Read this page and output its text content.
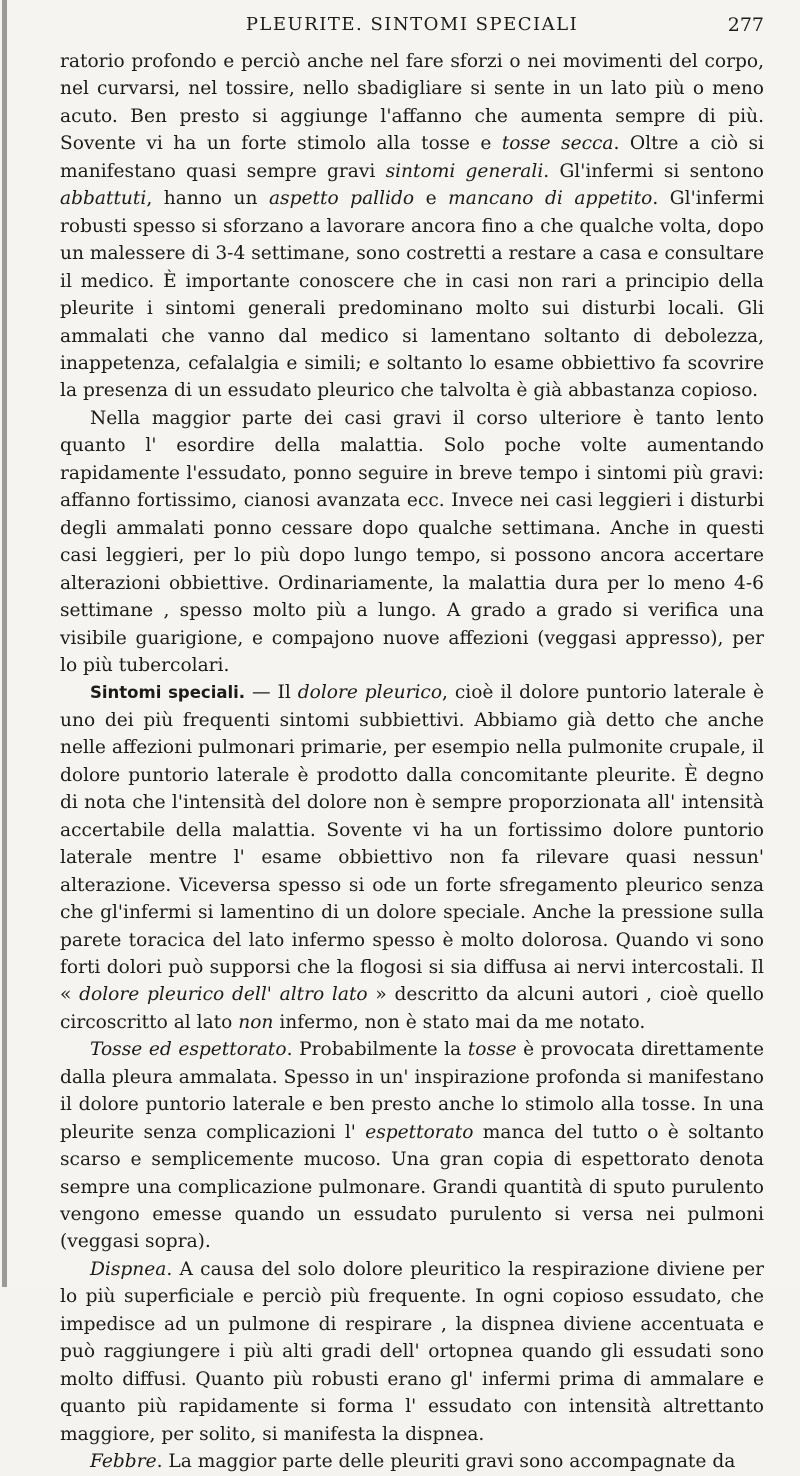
PLEURITE. SINTOMI SPECIALI	277

ratorio profondo e perciò anche nel fare sforzi o nei movimenti del corpo, nel curvarsi, nel tossire, nello sbadigliare si sente in un lato più o meno acuto. Ben presto si aggiunge l'affanno che aumenta sempre di più. Sovente vi ha un forte stimolo alla tosse e tosse secca. Oltre a ciò si manifestano quasi sempre gravi sintomi generali. Gl'infermi si sentono abbattuti, hanno un aspetto pallido e mancano di appetito. Gl'infermi robusti spesso si sforzano a lavorare ancora fino a che qualche volta, dopo un malessere di 3-4 settimane, sono costretti a restare a casa e consultare il medico. È importante conoscere che in casi non rari a principio della pleurite i sintomi generali predominano molto sui disturbi locali. Gli ammalati che vanno dal medico si lamentano soltanto di debolezza, inappetenza, cefalalgia e simili; e soltanto lo esame obbiettivo fa scovrire la presenza di un essudato pleurico che talvolta è già abbastanza copioso.

Nella maggior parte dei casi gravi il corso ulteriore è tanto lento quanto l' esordire della malattia. Solo poche volte aumentando rapidamente l'essudato, ponno seguire in breve tempo i sintomi più gravi: affanno fortissimo, cianosi avanzata ecc. Invece nei casi leggieri i disturbi degli ammalati ponno cessare dopo qualche settimana. Anche in questi casi leggieri, per lo più dopo lungo tempo, si possono ancora accertare alterazioni obbiettive. Ordinariamente, la malattia dura per lo meno 4-6 settimane , spesso molto più a lungo. A grado a grado si verifica una visibile guarigione, e compajono nuove affezioni (veggasi appresso), per lo più tubercolari.

Sintomi speciali. — Il dolore pleurico, cioè il dolore puntorio laterale è uno dei più frequenti sintomi subbiettivi. Abbiamo già detto che anche nelle affezioni pulmonari primarie, per esempio nella pulmonite crupale, il dolore puntorio laterale è prodotto dalla concomitante pleurite. È degno di nota che l'intensità del dolore non è sempre proporzionata all' intensità accertabile della malattia. Sovente vi ha un fortissimo dolore puntorio laterale mentre l' esame obbiettivo non fa rilevare quasi nessun' alterazione. Viceversa spesso si ode un forte sfregamento pleurico senza che gl'infermi si lamentino di un dolore speciale. Anche la pressione sulla parete toracica del lato infermo spesso è molto dolorosa. Quando vi sono forti dolori può supporsi che la flogosi si sia diffusa ai nervi intercostali. Il « dolore pleurico dell' altro lato » descritto da alcuni autori , cioè quello circoscritto al lato non infermo, non è stato mai da me notato.

Tosse ed espettorato. Probabilmente la tosse è provocata direttamente dalla pleura ammalata. Spesso in un' inspirazione profonda si manifestano il dolore puntorio laterale e ben presto anche lo stimolo alla tosse. In una pleurite senza complicazioni l' espettorato manca del tutto o è soltanto scarso e semplicemente mucoso. Una gran copia di espettorato denota sempre una complicazione pulmonare. Grandi quantità di sputo purulento vengono emesse quando un essudato purulento si versa nei pulmoni (veggasi sopra).

Dispnea. A causa del solo dolore pleuritico la respirazione diviene per lo più superficiale e perciò più frequente. In ogni copioso essudato, che impedisce ad un pulmone di respirare , la dispnea diviene accentuata e può raggiungere i più alti gradi dell' ortopnea quando gli essudati sono molto diffusi. Quanto più robusti erano gl' infermi prima di ammalare e quanto più rapidamente si forma l' essudato con intensità altrettanto maggiore, per solito, si manifesta la dispnea.

Febbre. La maggior parte delle pleuriti gravi sono accompagnate da
